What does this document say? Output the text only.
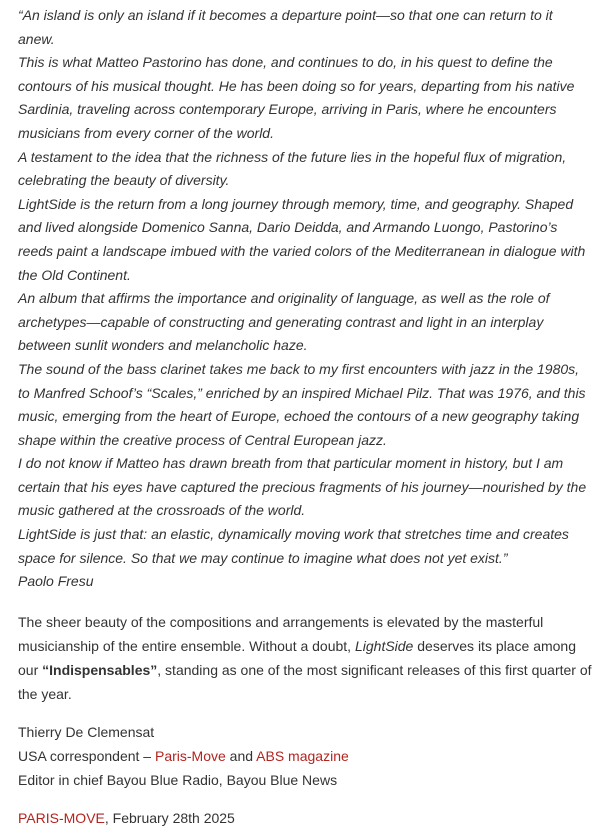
“An island is only an island if it becomes a departure point—so that one can return to it anew.

This is what Matteo Pastorino has done, and continues to do, in his quest to define the contours of his musical thought. He has been doing so for years, departing from his native Sardinia, traveling across contemporary Europe, arriving in Paris, where he encounters musicians from every corner of the world.

A testament to the idea that the richness of the future lies in the hopeful flux of migration, celebrating the beauty of diversity.

LightSide is the return from a long journey through memory, time, and geography. Shaped and lived alongside Domenico Sanna, Dario Deidda, and Armando Luongo, Pastorino’s reeds paint a landscape imbued with the varied colors of the Mediterranean in dialogue with the Old Continent.

An album that affirms the importance and originality of language, as well as the role of archetypes—capable of constructing and generating contrast and light in an interplay between sunlit wonders and melancholic haze.

The sound of the bass clarinet takes me back to my first encounters with jazz in the 1980s, to Manfred Schoof’s “Scales,” enriched by an inspired Michael Pilz. That was 1976, and this music, emerging from the heart of Europe, echoed the contours of a new geography taking shape within the creative process of Central European jazz.

I do not know if Matteo has drawn breath from that particular moment in history, but I am certain that his eyes have captured the precious fragments of his journey—nourished by the music gathered at the crossroads of the world.

LightSide is just that: an elastic, dynamically moving work that stretches time and creates space for silence. So that we may continue to imagine what does not yet exist.”

Paolo Fresu

The sheer beauty of the compositions and arrangements is elevated by the masterful musicianship of the entire ensemble. Without a doubt, LightSide deserves its place among our “Indispensables”, standing as one of the most significant releases of this first quarter of the year.

Thierry De Clemensat
USA correspondent – Paris-Move and ABS magazine
Editor in chief Bayou Blue Radio, Bayou Blue News

PARIS-MOVE, February 28th 2025
